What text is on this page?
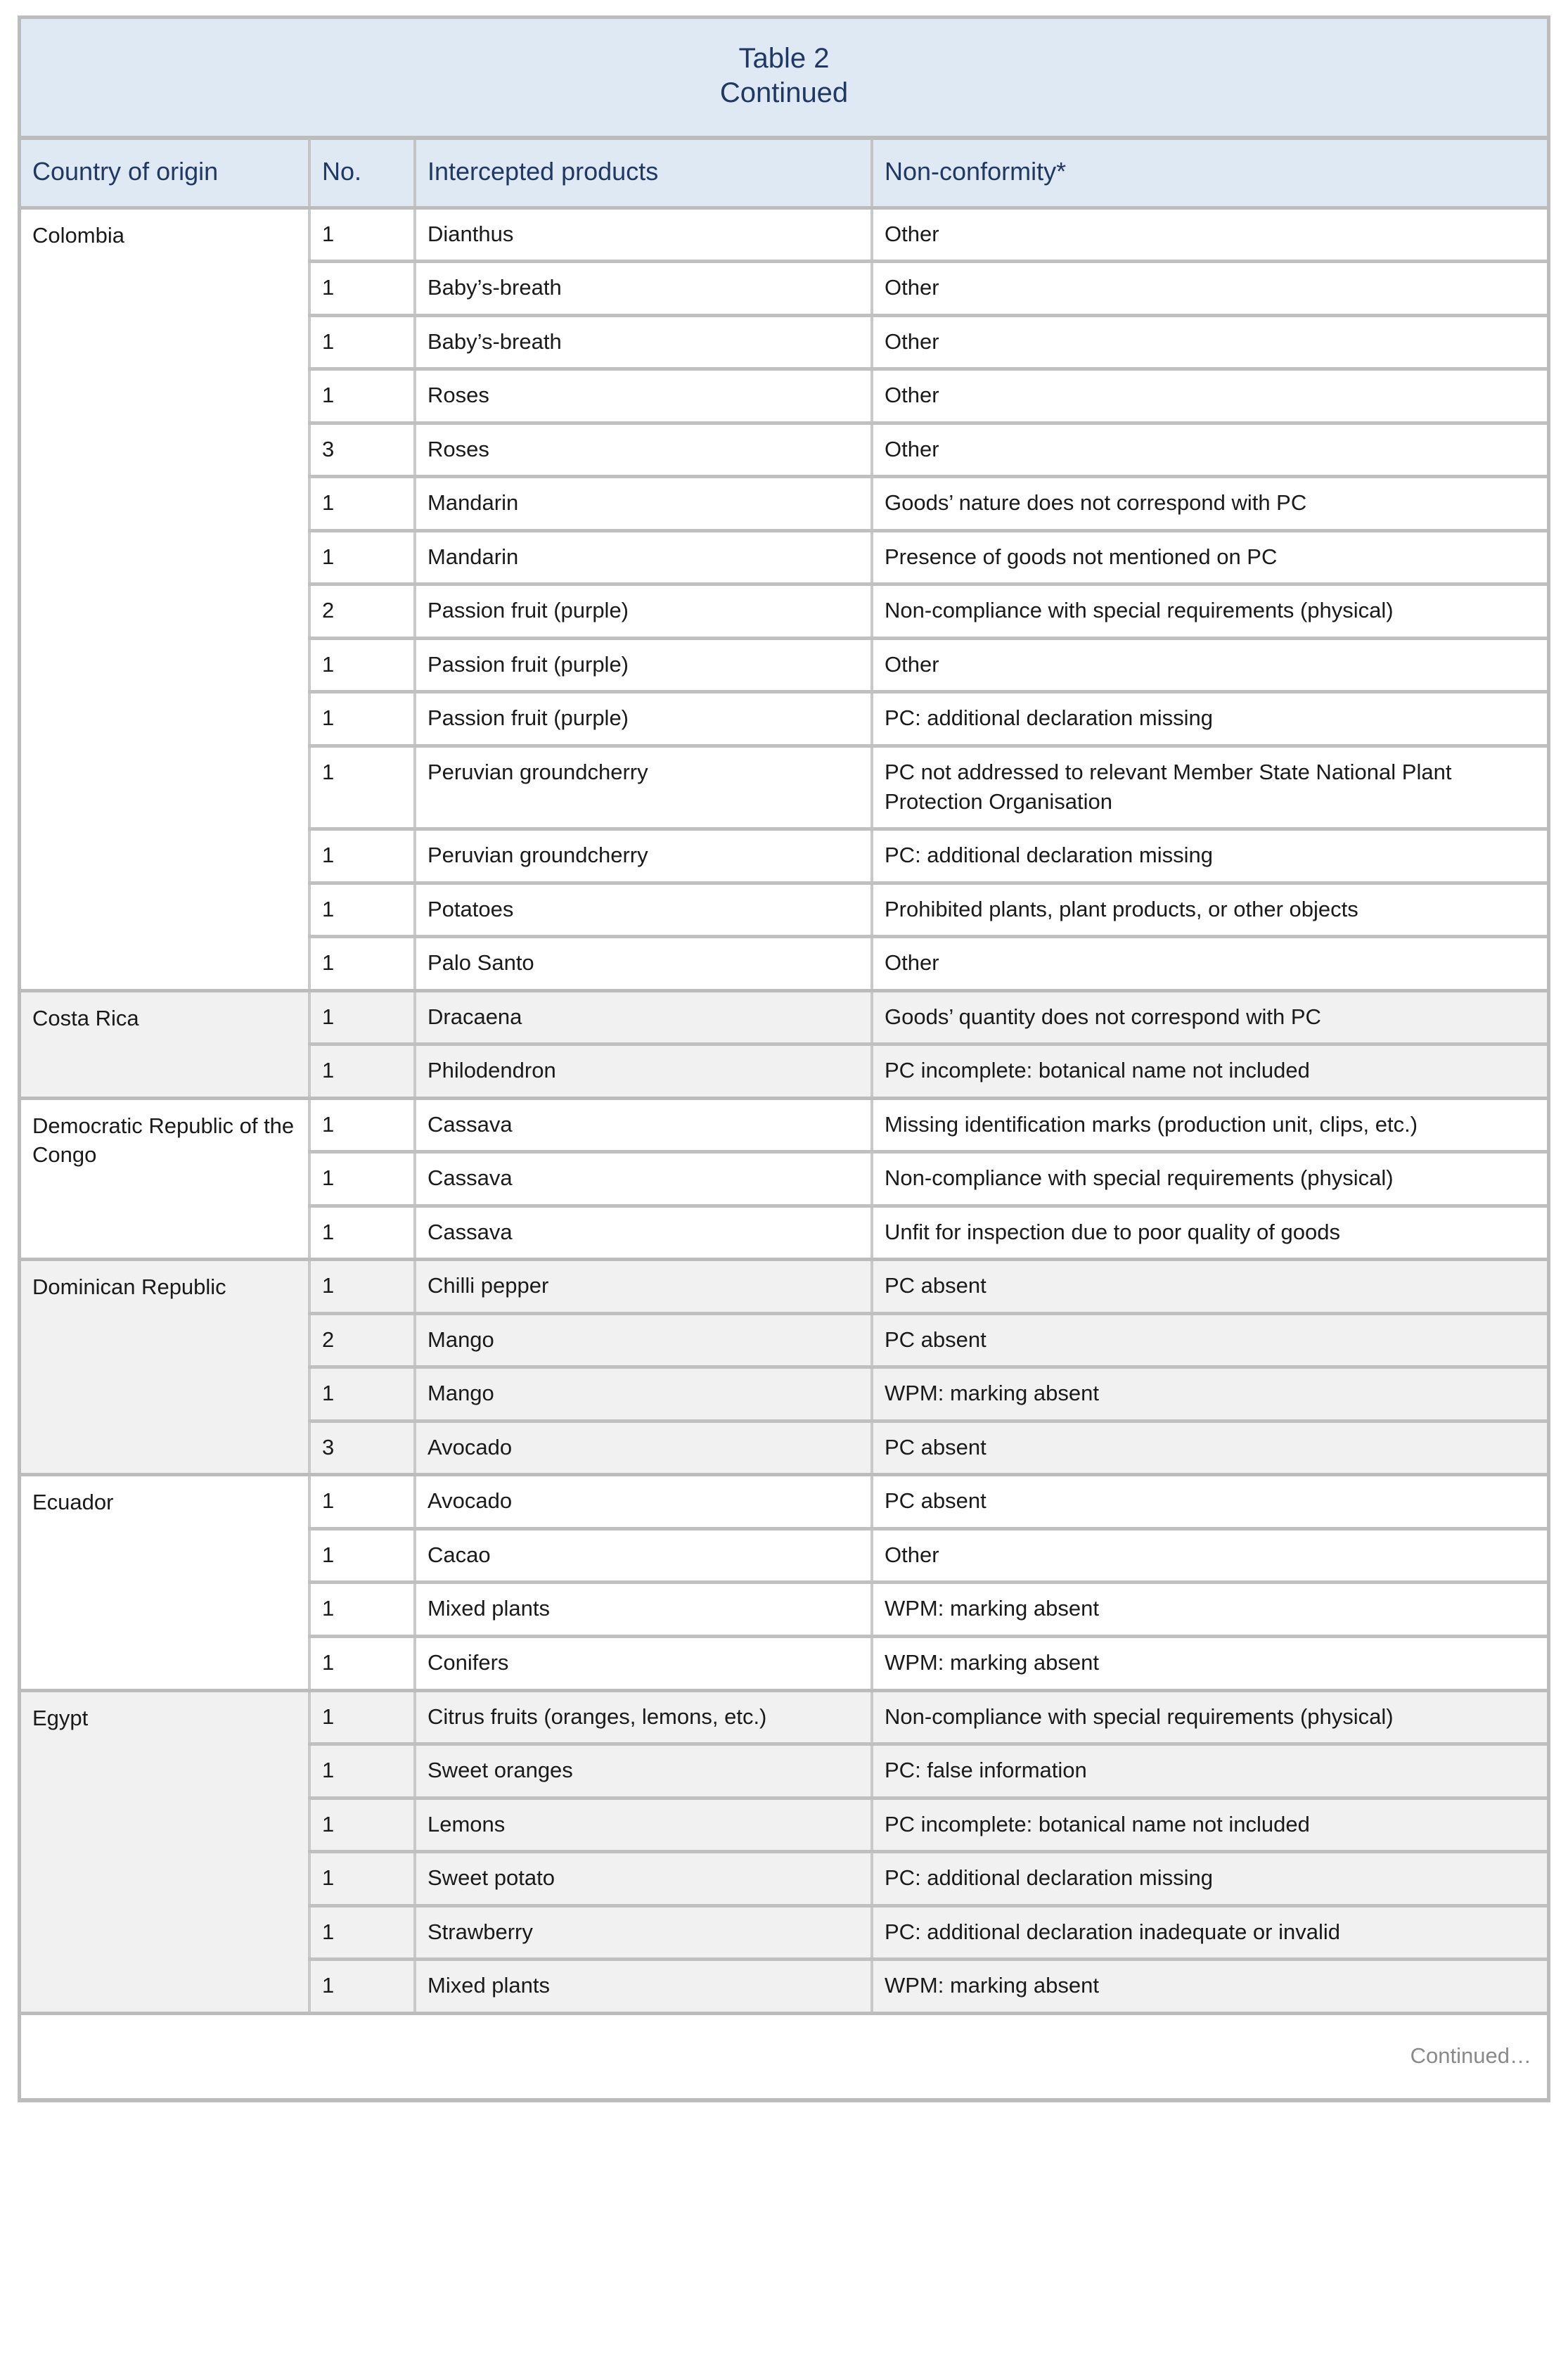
Table 2
Continued			

Country of origin	No.	Intercepted products	Non-conformity*
Colombia	1	Dianthus	Other
	1	Baby’s-breath	Other
	1	Baby’s-breath	Other
	1	Roses	Other
	3	Roses	Other
	1	Mandarin	Goods’ nature does not correspond with PC
	1	Mandarin	Presence of goods not mentioned on PC
	2	Passion fruit (purple)	Non-compliance with special requirements (physical)
	1	Passion fruit (purple)	Other
	1	Passion fruit (purple)	PC: additional declaration missing
	1	Peruvian groundcherry	PC not addressed to relevant Member State National Plant Protection Organisation
	1	Peruvian groundcherry	PC: additional declaration missing
	1	Potatoes	Prohibited plants, plant products, or other objects
	1	Palo Santo	Other
Costa Rica	1	Dracaena	Goods’ quantity does not correspond with PC
	1	Philodendron	PC incomplete: botanical name not included
Democratic Republic of the Congo	1	Cassava	Missing identification marks (production unit, clips, etc.)
	1	Cassava	Non-compliance with special requirements (physical)
	1	Cassava	Unfit for inspection due to poor quality of goods
Dominican Republic	1	Chilli pepper	PC absent
	2	Mango	PC absent
	1	Mango	WPM: marking absent
	3	Avocado	PC absent
Ecuador	1	Avocado	PC absent
	1	Cacao	Other
	1	Mixed plants	WPM: marking absent
	1	Conifers	WPM: marking absent
Egypt	1	Citrus fruits (oranges, lemons, etc.)	Non-compliance with special requirements (physical)
	1	Sweet oranges	PC: false information
	1	Lemons	PC incomplete: botanical name not included
	1	Sweet potato	PC: additional declaration missing
	1	Strawberry	PC: additional declaration inadequate or invalid
	1	Mixed plants	WPM: marking absent
Continued…			
